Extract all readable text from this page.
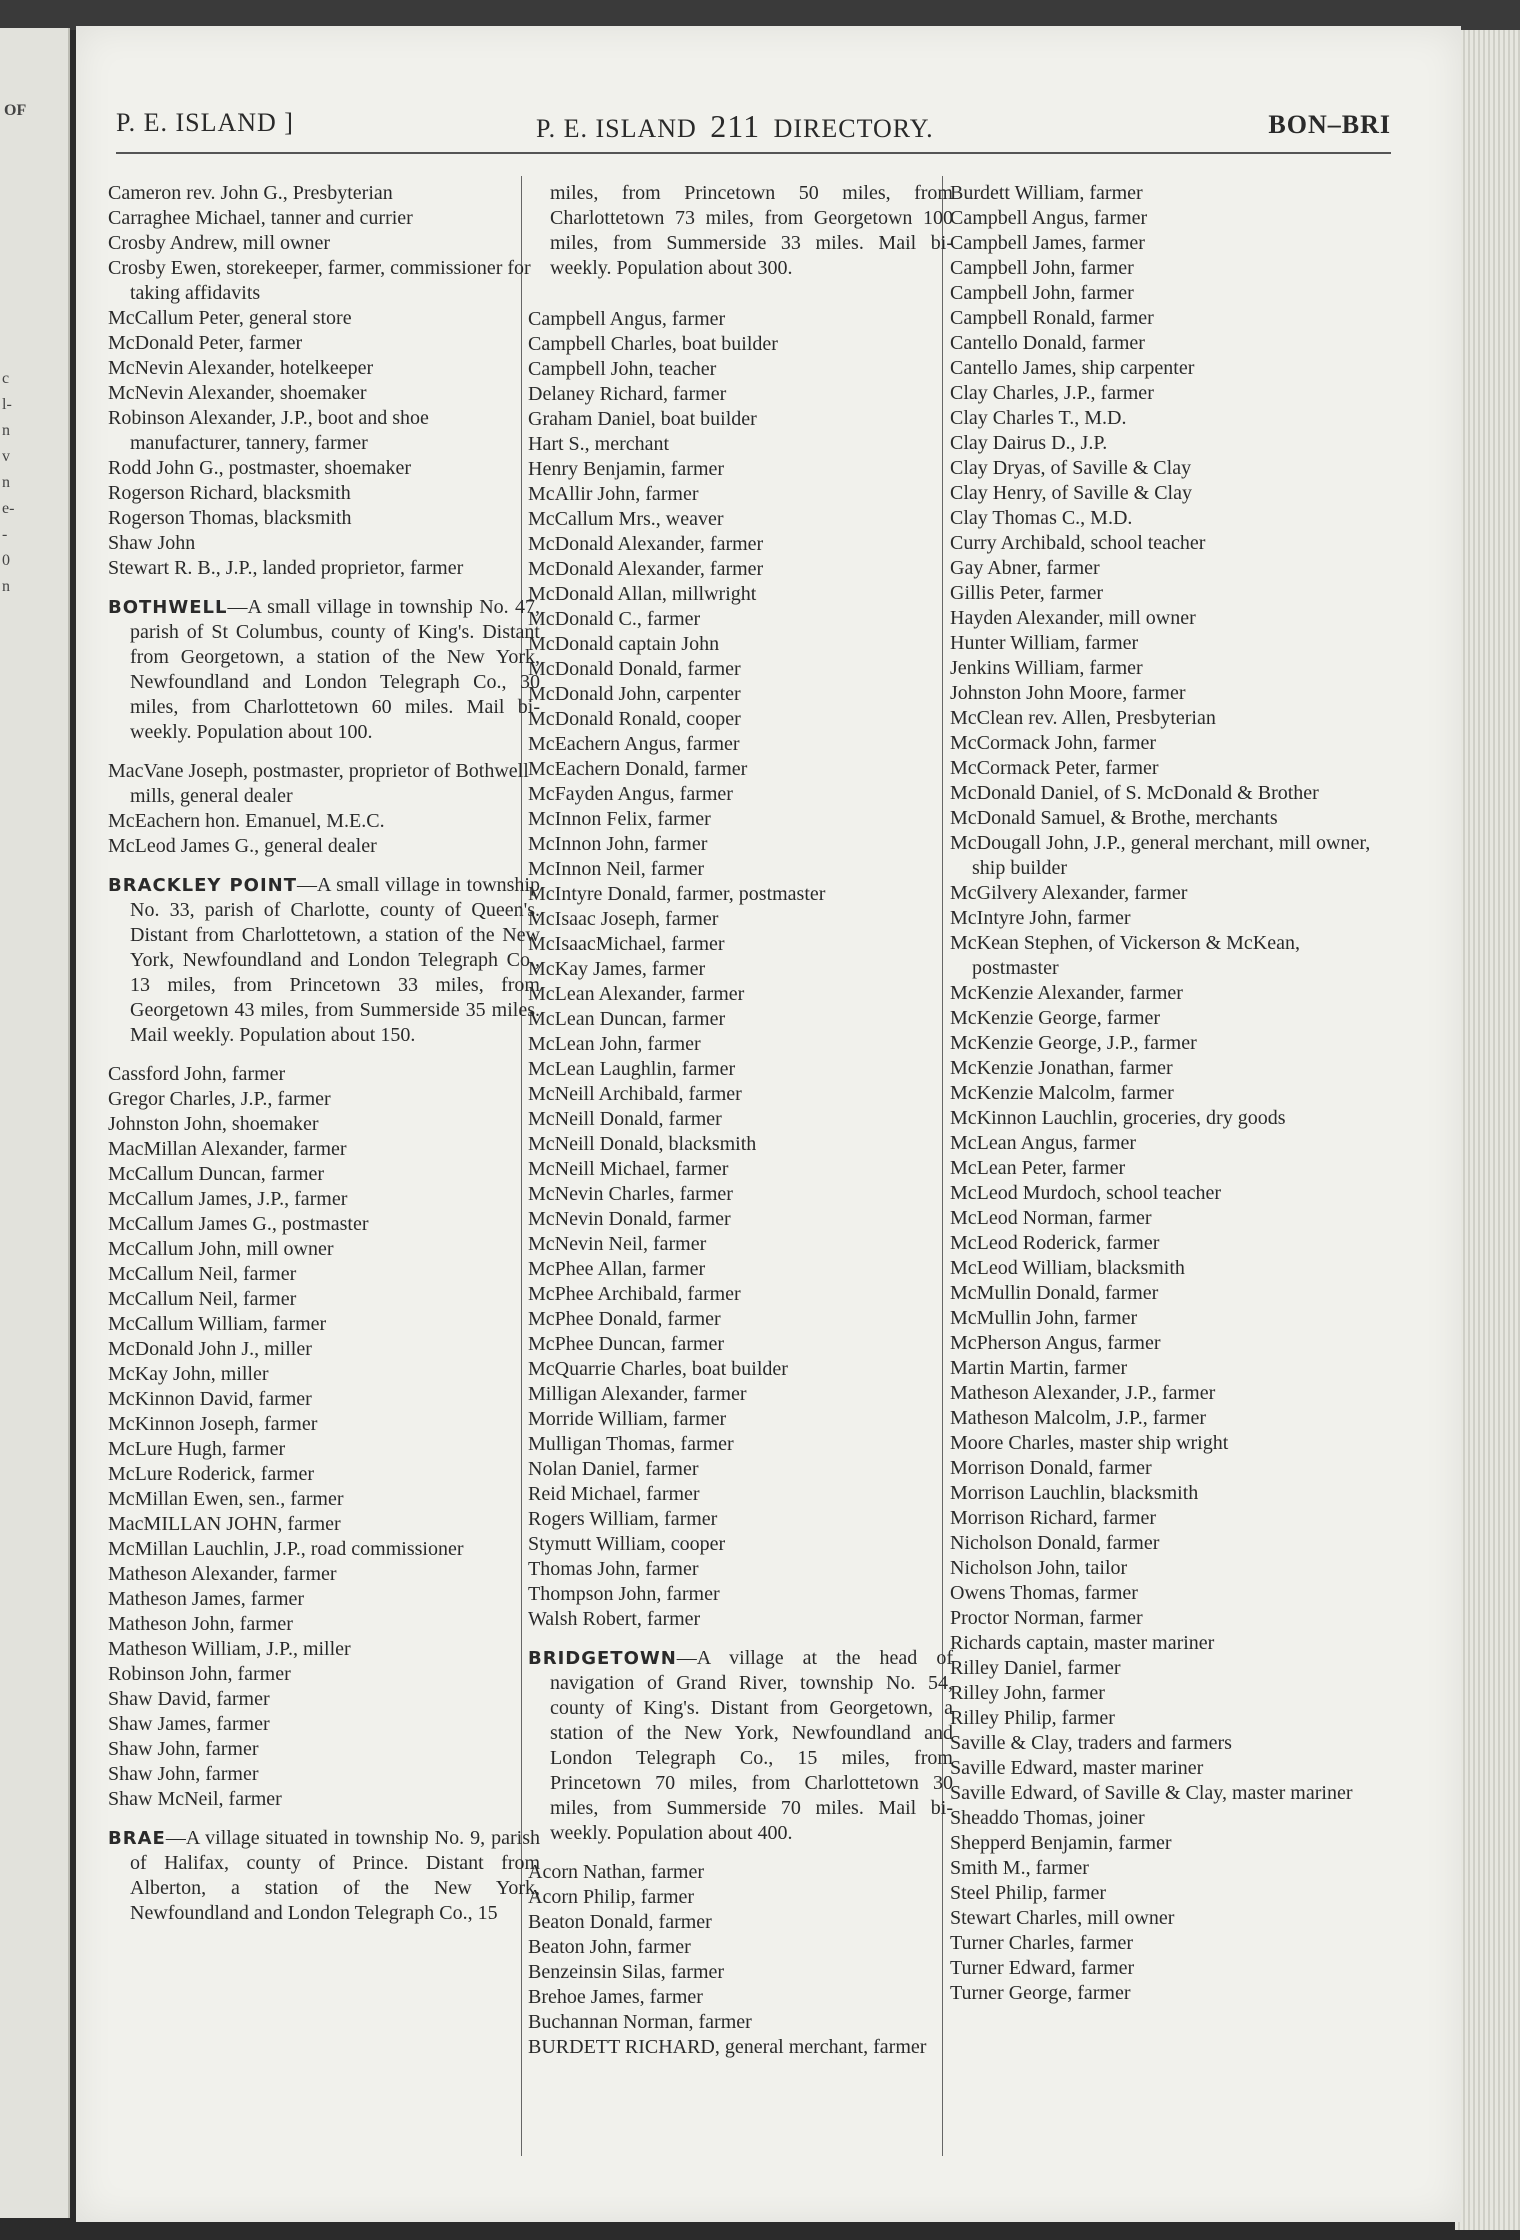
OF
c
l-
n
v
n
e-
-
0
n
P. E. ISLAND ]	P. E. ISLAND 211 DIRECTORY.	BON–BRI
Cameron rev. John G., Presbyterian
Carraghee Michael, tanner and currier
Crosby Andrew, mill owner
Crosby Ewen, storekeeper, farmer, commissioner for taking affidavits
McCallum Peter, general store
McDonald Peter, farmer
McNevin Alexander, hotelkeeper
McNevin Alexander, shoemaker
Robinson Alexander, J.P., boot and shoe manufacturer, tannery, farmer
Rodd John G., postmaster, shoemaker
Rogerson Richard, blacksmith
Rogerson Thomas, blacksmith
Shaw John
Stewart R. B., J.P., landed proprietor, farmer
BOTHWELL—A small village in township No. 47, parish of St Columbus, county of King's. Distant from Georgetown, a station of the New York, Newfoundland and London Telegraph Co., 30 miles, from Charlottetown 60 miles. Mail bi-weekly. Population about 100.
MacVane Joseph, postmaster, proprietor of Bothwell mills, general dealer
McEachern hon. Emanuel, M.E.C.
McLeod James G., general dealer
BRACKLEY POINT—A small village in township No. 33, parish of Charlotte, county of Queen's. Distant from Charlottetown, a station of the New York, Newfoundland and London Telegraph Co., 13 miles, from Princetown 33 miles, from Georgetown 43 miles, from Summerside 35 miles. Mail weekly. Population about 150.
Cassford John, farmer
Gregor Charles, J.P., farmer
Johnston John, shoemaker
MacMillan Alexander, farmer
McCallum Duncan, farmer
McCallum James, J.P., farmer
McCallum James G., postmaster
McCallum John, mill owner
McCallum Neil, farmer
McCallum Neil, farmer
McCallum William, farmer
McDonald John J., miller
McKay John, miller
McKinnon David, farmer
McKinnon Joseph, farmer
McLure Hugh, farmer
McLure Roderick, farmer
McMillan Ewen, sen., farmer
MacMILLAN JOHN, farmer
McMillan Lauchlin, J.P., road commissioner
Matheson Alexander, farmer
Matheson James, farmer
Matheson John, farmer
Matheson William, J.P., miller
Robinson John, farmer
Shaw David, farmer
Shaw James, farmer
Shaw John, farmer
Shaw John, farmer
Shaw McNeil, farmer
BRAE—A village situated in township No. 9, parish of Halifax, county of Prince. Distant from Alberton, a station of the New York, Newfoundland and London Telegraph Co., 15
miles, from Princetown 50 miles, from Charlottetown 73 miles, from Georgetown 100 miles, from Summerside 33 miles. Mail bi-weekly. Population about 300.
Campbell Angus, farmer
Campbell Charles, boat builder
Campbell John, teacher
Delaney Richard, farmer
Graham Daniel, boat builder
Hart S., merchant
Henry Benjamin, farmer
McAllir John, farmer
McCallum Mrs., weaver
McDonald Alexander, farmer
McDonald Alexander, farmer
McDonald Allan, millwright
McDonald C., farmer
McDonald captain John
McDonald Donald, farmer
McDonald John, carpenter
McDonald Ronald, cooper
McEachern Angus, farmer
McEachern Donald, farmer
McFayden Angus, farmer
McInnon Felix, farmer
McInnon John, farmer
McInnon Neil, farmer
McIntyre Donald, farmer, postmaster
McIsaac Joseph, farmer
McIsaacMichael, farmer
McKay James, farmer
McLean Alexander, farmer
McLean Duncan, farmer
McLean John, farmer
McLean Laughlin, farmer
McNeill Archibald, farmer
McNeill Donald, farmer
McNeill Donald, blacksmith
McNeill Michael, farmer
McNevin Charles, farmer
McNevin Donald, farmer
McNevin Neil, farmer
McPhee Allan, farmer
McPhee Archibald, farmer
McPhee Donald, farmer
McPhee Duncan, farmer
McQuarrie Charles, boat builder
Milligan Alexander, farmer
Morride William, farmer
Mulligan Thomas, farmer
Nolan Daniel, farmer
Reid Michael, farmer
Rogers William, farmer
Stymutt William, cooper
Thomas John, farmer
Thompson John, farmer
Walsh Robert, farmer
BRIDGETOWN—A village at the head of navigation of Grand River, township No. 54, county of King's. Distant from Georgetown, a station of the New York, Newfoundland and London Telegraph Co., 15 miles, from Princetown 70 miles, from Charlottetown 30 miles, from Summerside 70 miles. Mail bi-weekly. Population about 400.
Acorn Nathan, farmer
Acorn Philip, farmer
Beaton Donald, farmer
Beaton John, farmer
Benzeinsin Silas, farmer
Brehoe James, farmer
Buchannan Norman, farmer
BURDETT RICHARD, general merchant, farmer
Burdett William, farmer
Campbell Angus, farmer
Campbell James, farmer
Campbell John, farmer
Campbell John, farmer
Campbell Ronald, farmer
Cantello Donald, farmer
Cantello James, ship carpenter
Clay Charles, J.P., farmer
Clay Charles T., M.D.
Clay Dairus D., J.P.
Clay Dryas, of Saville & Clay
Clay Henry, of Saville & Clay
Clay Thomas C., M.D.
Curry Archibald, school teacher
Gay Abner, farmer
Gillis Peter, farmer
Hayden Alexander, mill owner
Hunter William, farmer
Jenkins William, farmer
Johnston John Moore, farmer
McClean rev. Allen, Presbyterian
McCormack John, farmer
McCormack Peter, farmer
McDonald Daniel, of S. McDonald & Brother
McDonald Samuel, & Brothe, merchants
McDougall John, J.P., general merchant, mill owner, ship builder
McGilvery Alexander, farmer
McIntyre John, farmer
McKean Stephen, of Vickerson & McKean, postmaster
McKenzie Alexander, farmer
McKenzie George, farmer
McKenzie George, J.P., farmer
McKenzie Jonathan, farmer
McKenzie Malcolm, farmer
McKinnon Lauchlin, groceries, dry goods
McLean Angus, farmer
McLean Peter, farmer
McLeod Murdoch, school teacher
McLeod Norman, farmer
McLeod Roderick, farmer
McLeod William, blacksmith
McMullin Donald, farmer
McMullin John, farmer
McPherson Angus, farmer
Martin Martin, farmer
Matheson Alexander, J.P., farmer
Matheson Malcolm, J.P., farmer
Moore Charles, master ship wright
Morrison Donald, farmer
Morrison Lauchlin, blacksmith
Morrison Richard, farmer
Nicholson Donald, farmer
Nicholson John, tailor
Owens Thomas, farmer
Proctor Norman, farmer
Richards captain, master mariner
Rilley Daniel, farmer
Rilley John, farmer
Rilley Philip, farmer
Saville & Clay, traders and farmers
Saville Edward, master mariner
Saville Edward, of Saville & Clay, master mariner
Sheaddo Thomas, joiner
Shepperd Benjamin, farmer
Smith M., farmer
Steel Philip, farmer
Stewart Charles, mill owner
Turner Charles, farmer
Turner Edward, farmer
Turner George, farmer
